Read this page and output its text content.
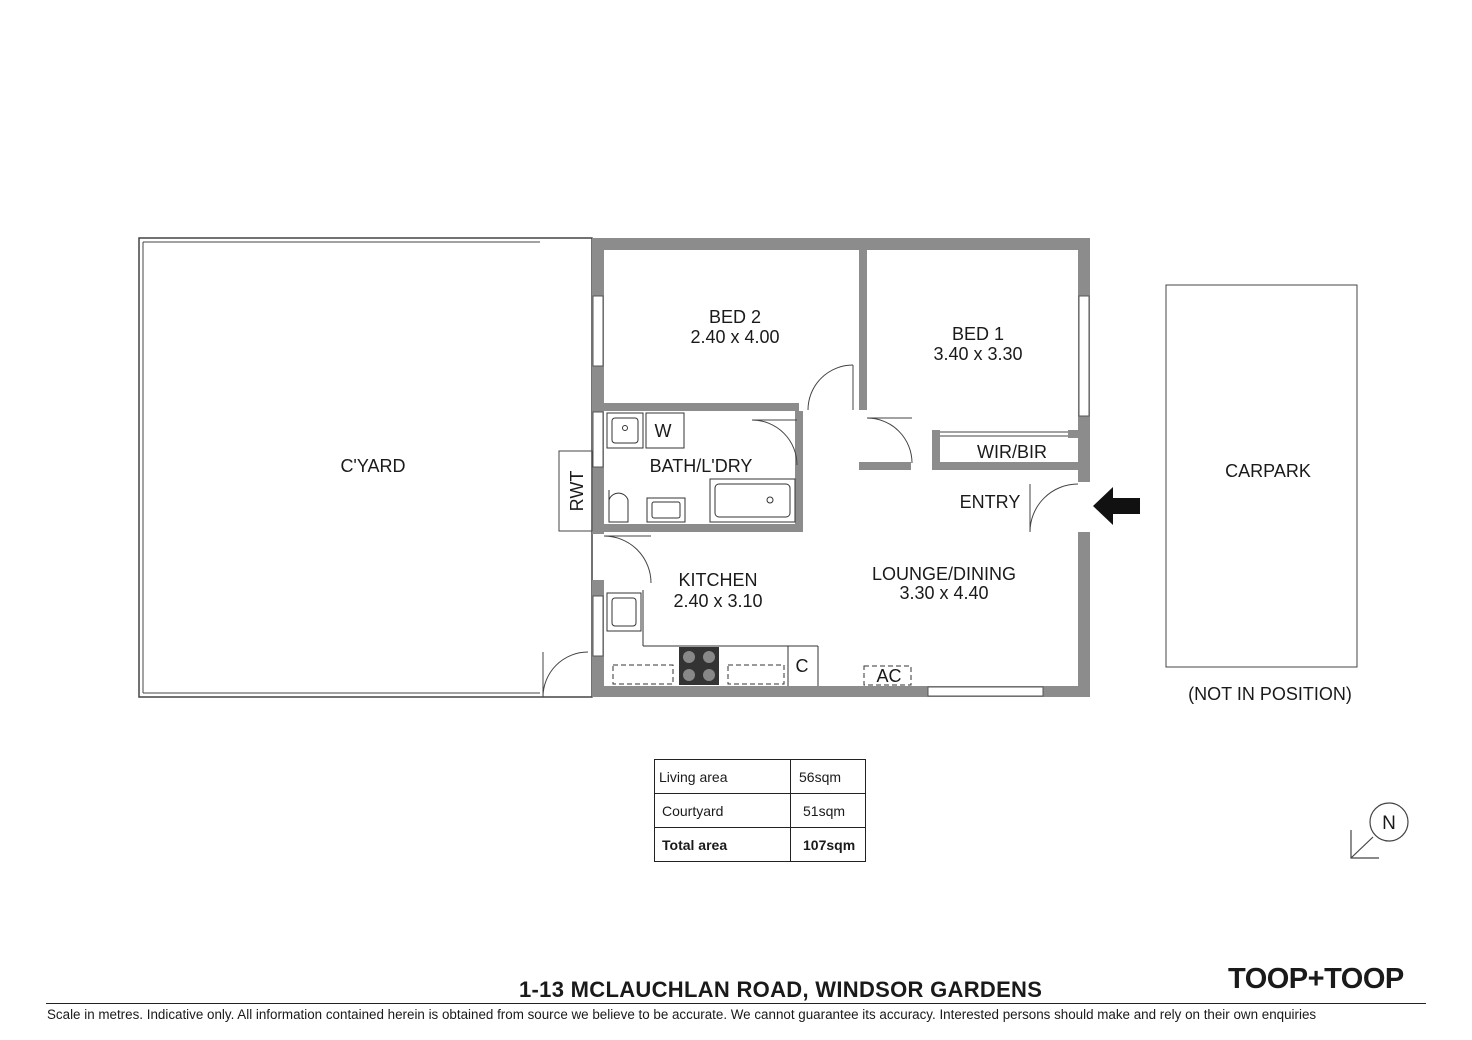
C'YARD
BED 2
2.40 x 4.00	BED 1
3.40 x 3.30
WIR/BIR
BATH/L'DRY
W
RWT	ENTRY
KITCHEN
2.40 x 3.10
LOUNGE/DINING
3.30 x 4.40
C	AC
CARPARK
(NOT IN POSITION)
N
Living area	56sqm
Courtyard	51sqm
Total area	107sqm
1-13 MCLAUCHLAN ROAD, WINDSOR GARDENS	TOOP+TOOP
Scale in metres. Indicative only. All information contained herein is obtained from source we believe to be accurate. We cannot guarantee its accuracy. Interested persons should make and rely on their own enquiries
